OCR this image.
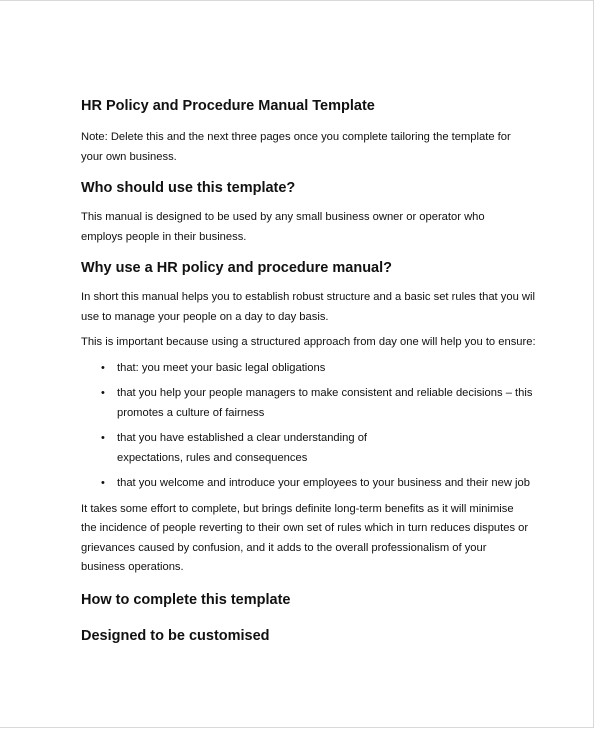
HR Policy and Procedure Manual Template

Note: Delete this and the next three pages once you complete tailoring the template for your own business.

Who should use this template?

This manual is designed to be used by any small business owner or operator who employs people in their business.

Why use a HR policy and procedure manual?

In short this manual helps you to establish robust structure and a basic set rules that you wil use to manage your people on a day to day basis.

This is important because using a structured approach from day one will help you to ensure:

• that: you meet your basic legal obligations
• that you help your people managers to make consistent and reliable decisions – this promotes a culture of fairness
• that you have established a clear understanding of expectations, rules and consequences
• that you welcome and introduce your employees to your business and their new job

It takes some effort to complete, but brings definite long-term benefits as it will minimise the incidence of people reverting to their own set of rules which in turn reduces disputes or grievances caused by confusion, and it adds to the overall professionalism of your business operations.

How to complete this template
Designed to be customised
